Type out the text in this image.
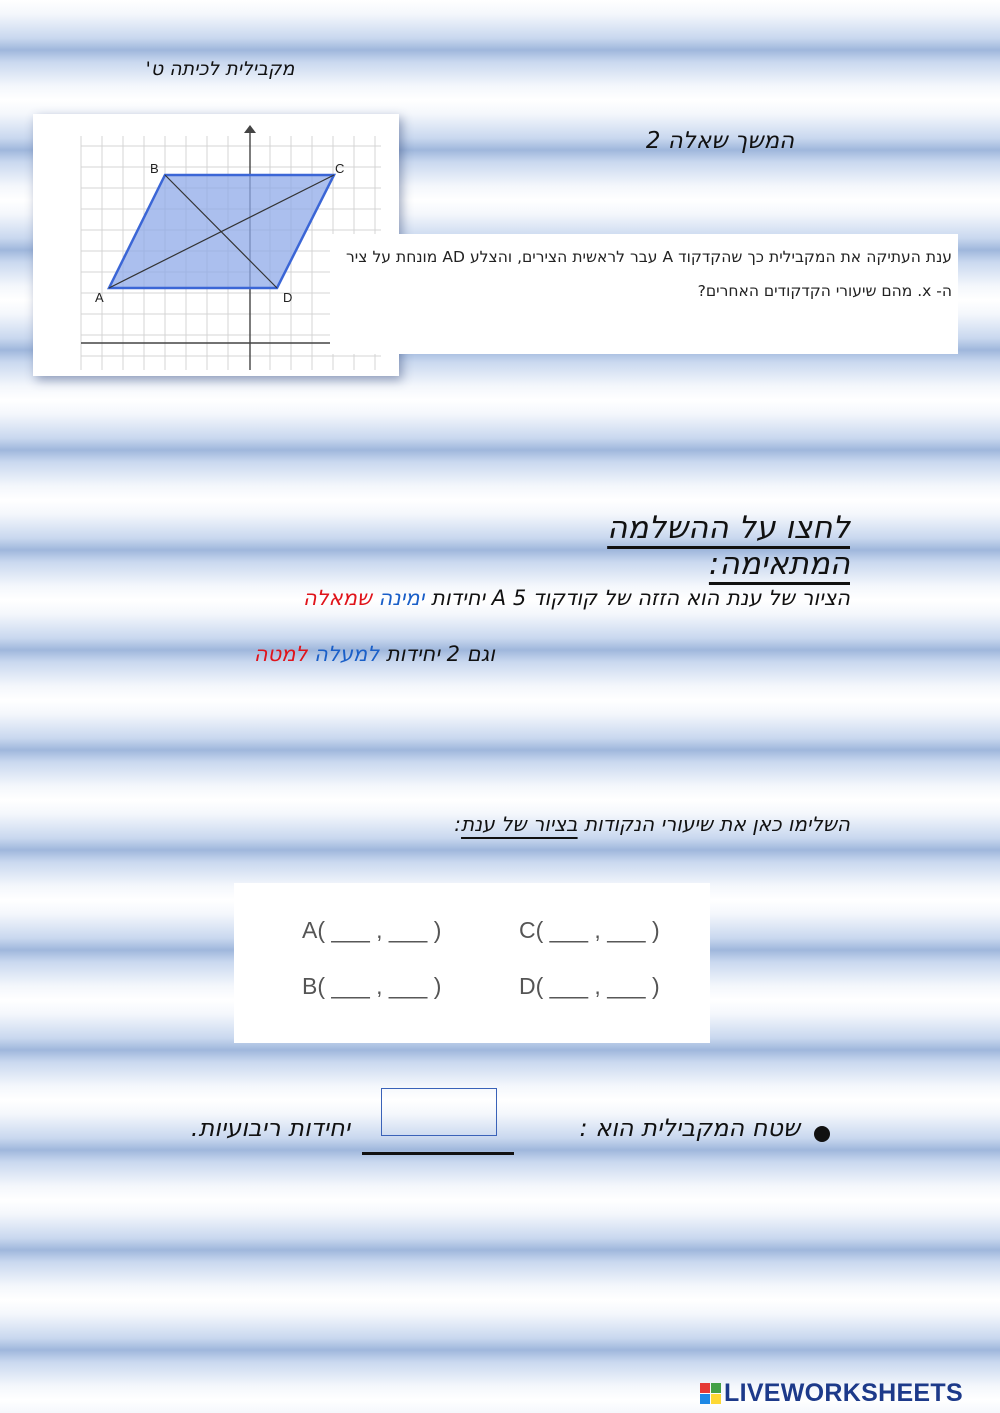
מקבילית לכיתה ט'
המשך שאלה 2
A
B	C
D
ענת העתיקה את המקבילית כך שהקדקוד A עבר לראשית הצירים, והצלע AD מונחת על ציר ה- x. מהם שיעורי הקדקודים האחרים?
לחצו על ההשלמה המתאימה:
הציור של ענת הוא הזזה של קודקוד A 5 יחידות ימינה שמאלה
וגם 2 יחידות למעלה למטה
השלימו כאן את שיעורי הנקודות בציור של ענת:
A( ___ , ___ )	C( ___ , ___ )
B( ___ , ___ )	D( ___ , ___ )
שטח המקבילית הוא :
יחידות ריבועיות.
LIVEWORKSHEETS
